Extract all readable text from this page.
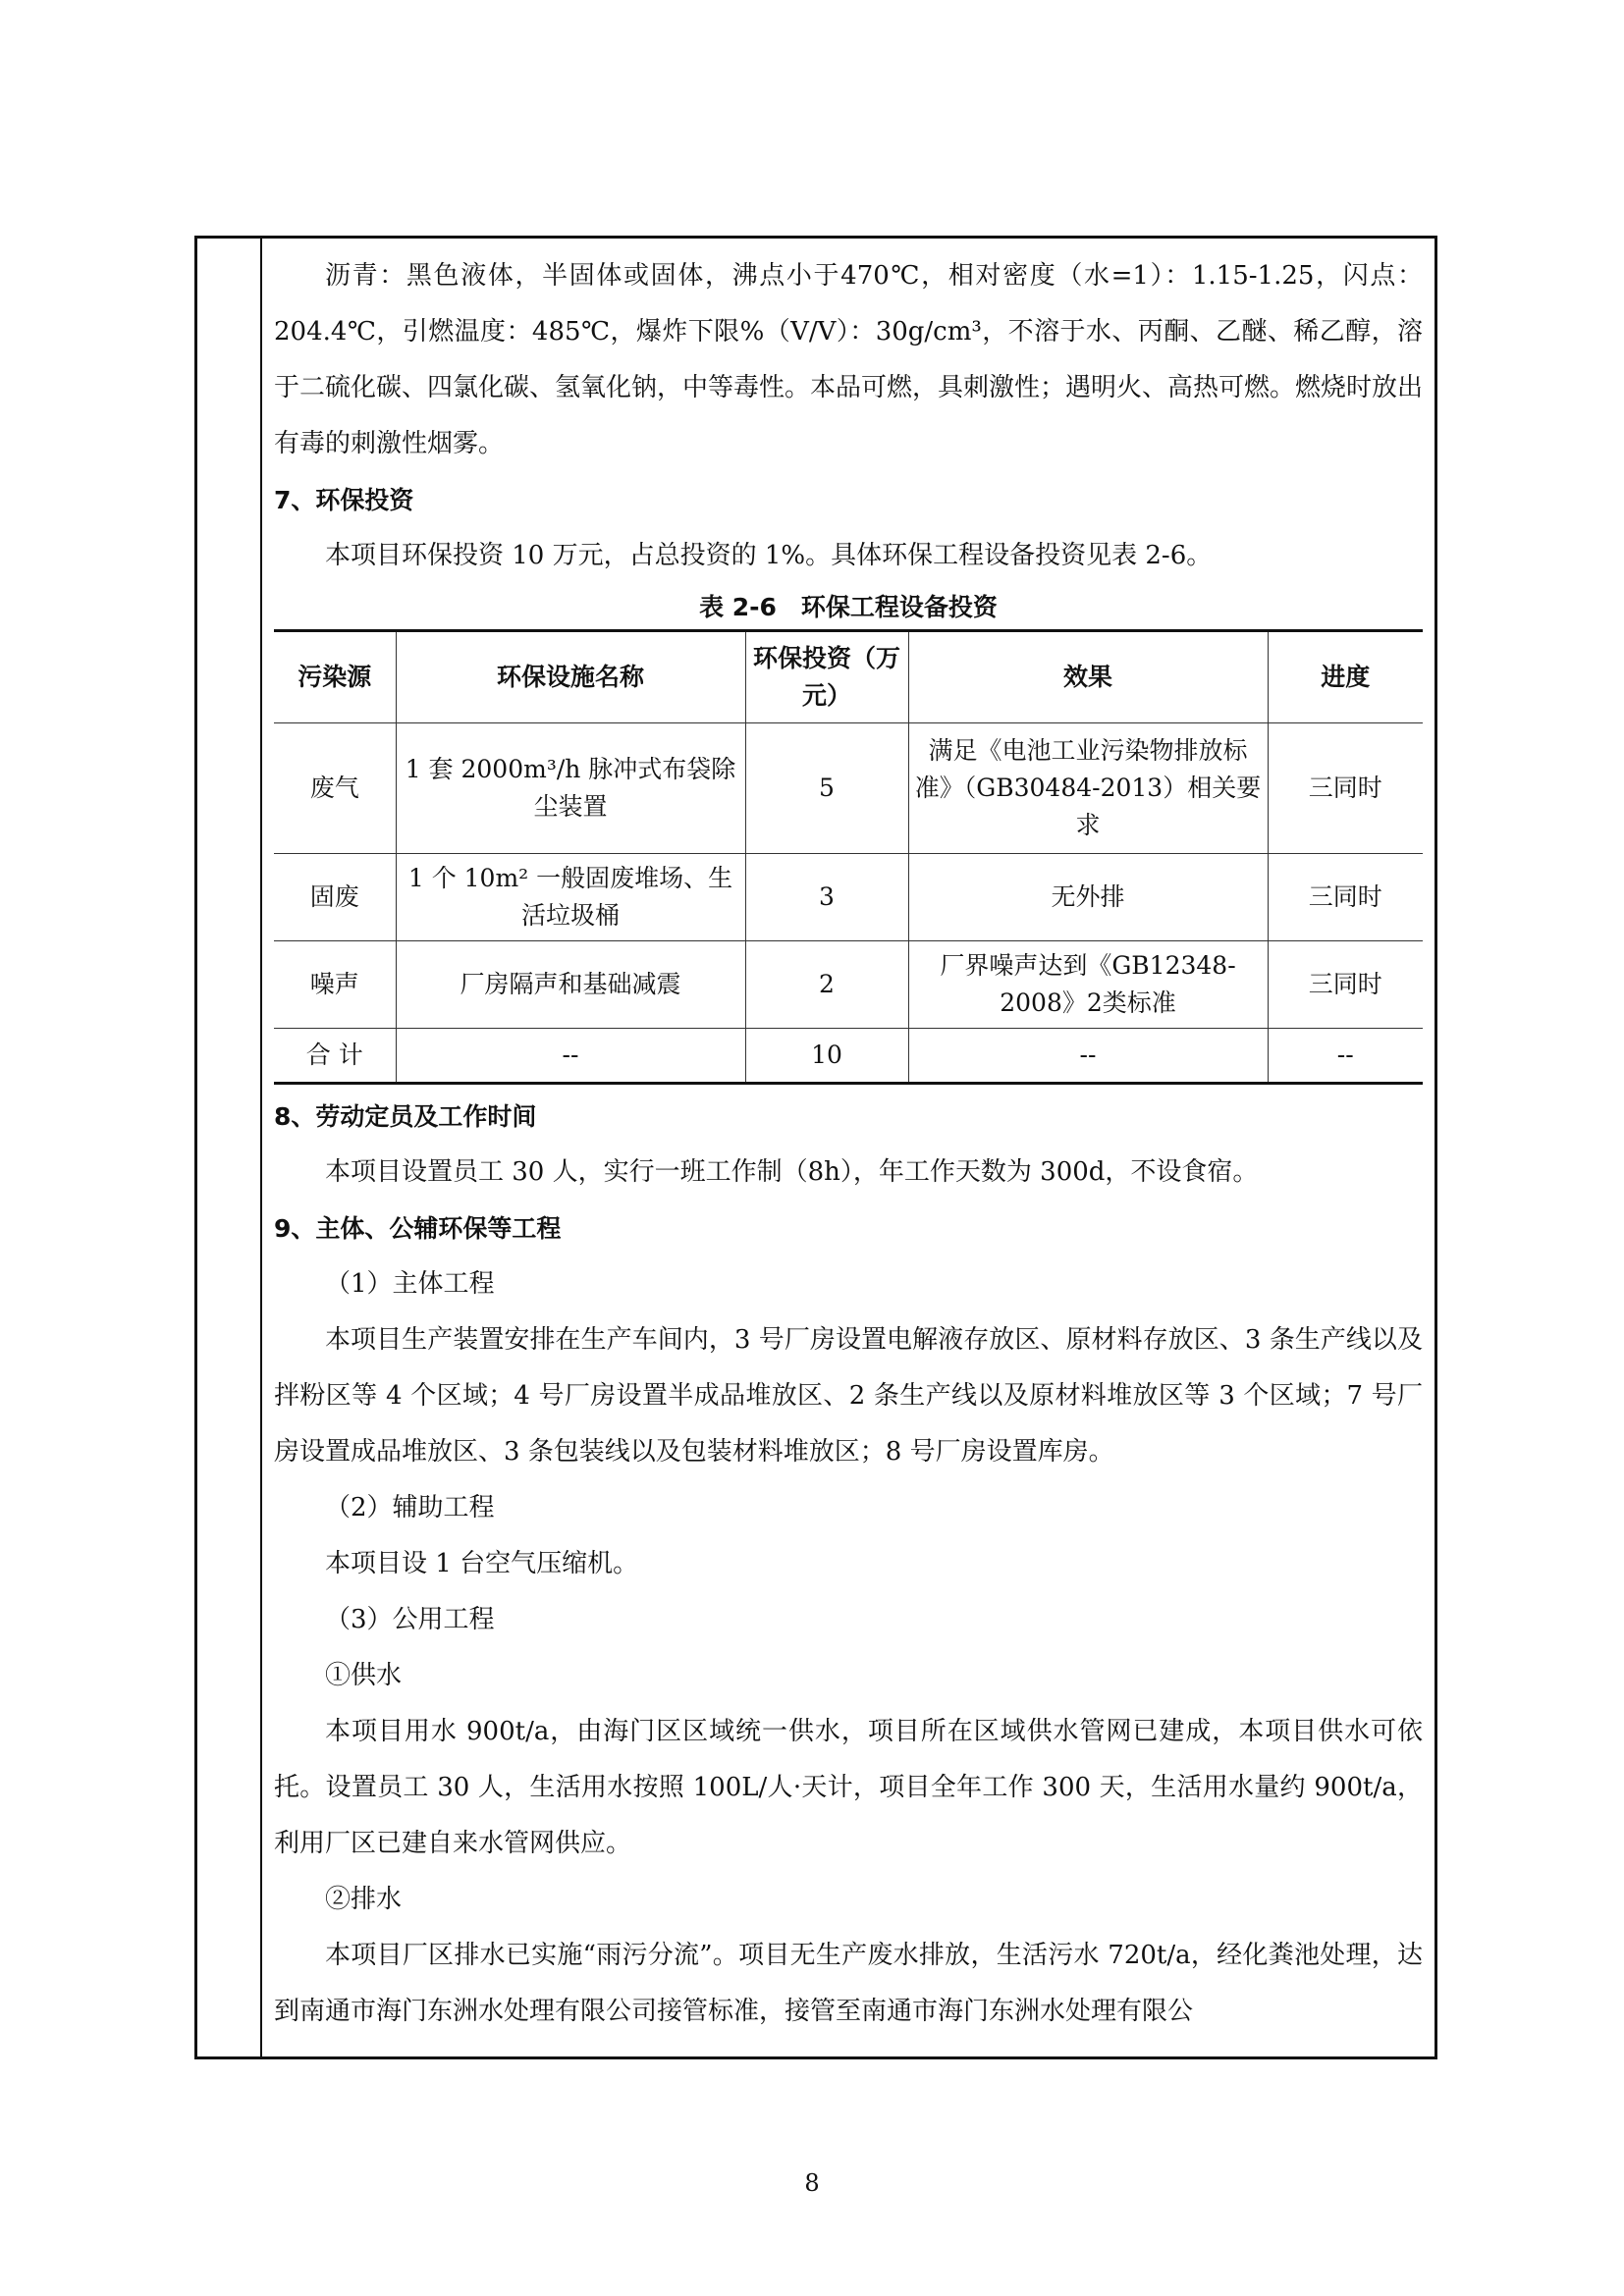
沥青：黑色液体，半固体或固体，沸点小于470℃，相对密度（水=1）：1.15-1.25，闪点：204.4℃，引燃温度：485℃，爆炸下限%（V/V）：30g/cm³，不溶于水、丙酮、乙醚、稀乙醇，溶于二硫化碳、四氯化碳、氢氧化钠，中等毒性。本品可燃，具刺激性；遇明火、高热可燃。燃烧时放出有毒的刺激性烟雾。

7、环保投资

本项目环保投资 10 万元，占总投资的 1%。具体环保工程设备投资见表 2-6。

表 2-6　环保工程设备投资

污染源	环保设施名称	环保投资（万元）	效果	进度
废气	1 套 2000m³/h 脉冲式布袋除尘装置	5	满足《电池工业污染物排放标准》（GB30484-2013）相关要求	三同时
固废	1 个 10m² 一般固废堆场、生活垃圾桶	3	无外排	三同时
噪声	厂房隔声和基础减震	2	厂界噪声达到《GB12348-2008》2类标准	三同时
合 计	--	10	--	--

8、劳动定员及工作时间

本项目设置员工 30 人，实行一班工作制（8h），年工作天数为 300d，不设食宿。

9、主体、公辅环保等工程

（1）主体工程

本项目生产装置安排在生产车间内，3 号厂房设置电解液存放区、原材料存放区、3 条生产线以及拌粉区等 4 个区域；4 号厂房设置半成品堆放区、2 条生产线以及原材料堆放区等 3 个区域；7 号厂房设置成品堆放区、3 条包装线以及包装材料堆放区；8 号厂房设置库房。

（2）辅助工程

本项目设 1 台空气压缩机。

（3）公用工程

①供水

本项目用水 900t/a，由海门区区域统一供水，项目所在区域供水管网已建成，本项目供水可依托。设置员工 30 人，生活用水按照 100L/人·天计，项目全年工作 300 天，生活用水量约 900t/a，利用厂区已建自来水管网供应。

②排水

本项目厂区排水已实施“雨污分流”。项目无生产废水排放，生活污水 720t/a，经化粪池处理，达到南通市海门东洲水处理有限公司接管标准，接管至南通市海门东洲水处理有限公

8
